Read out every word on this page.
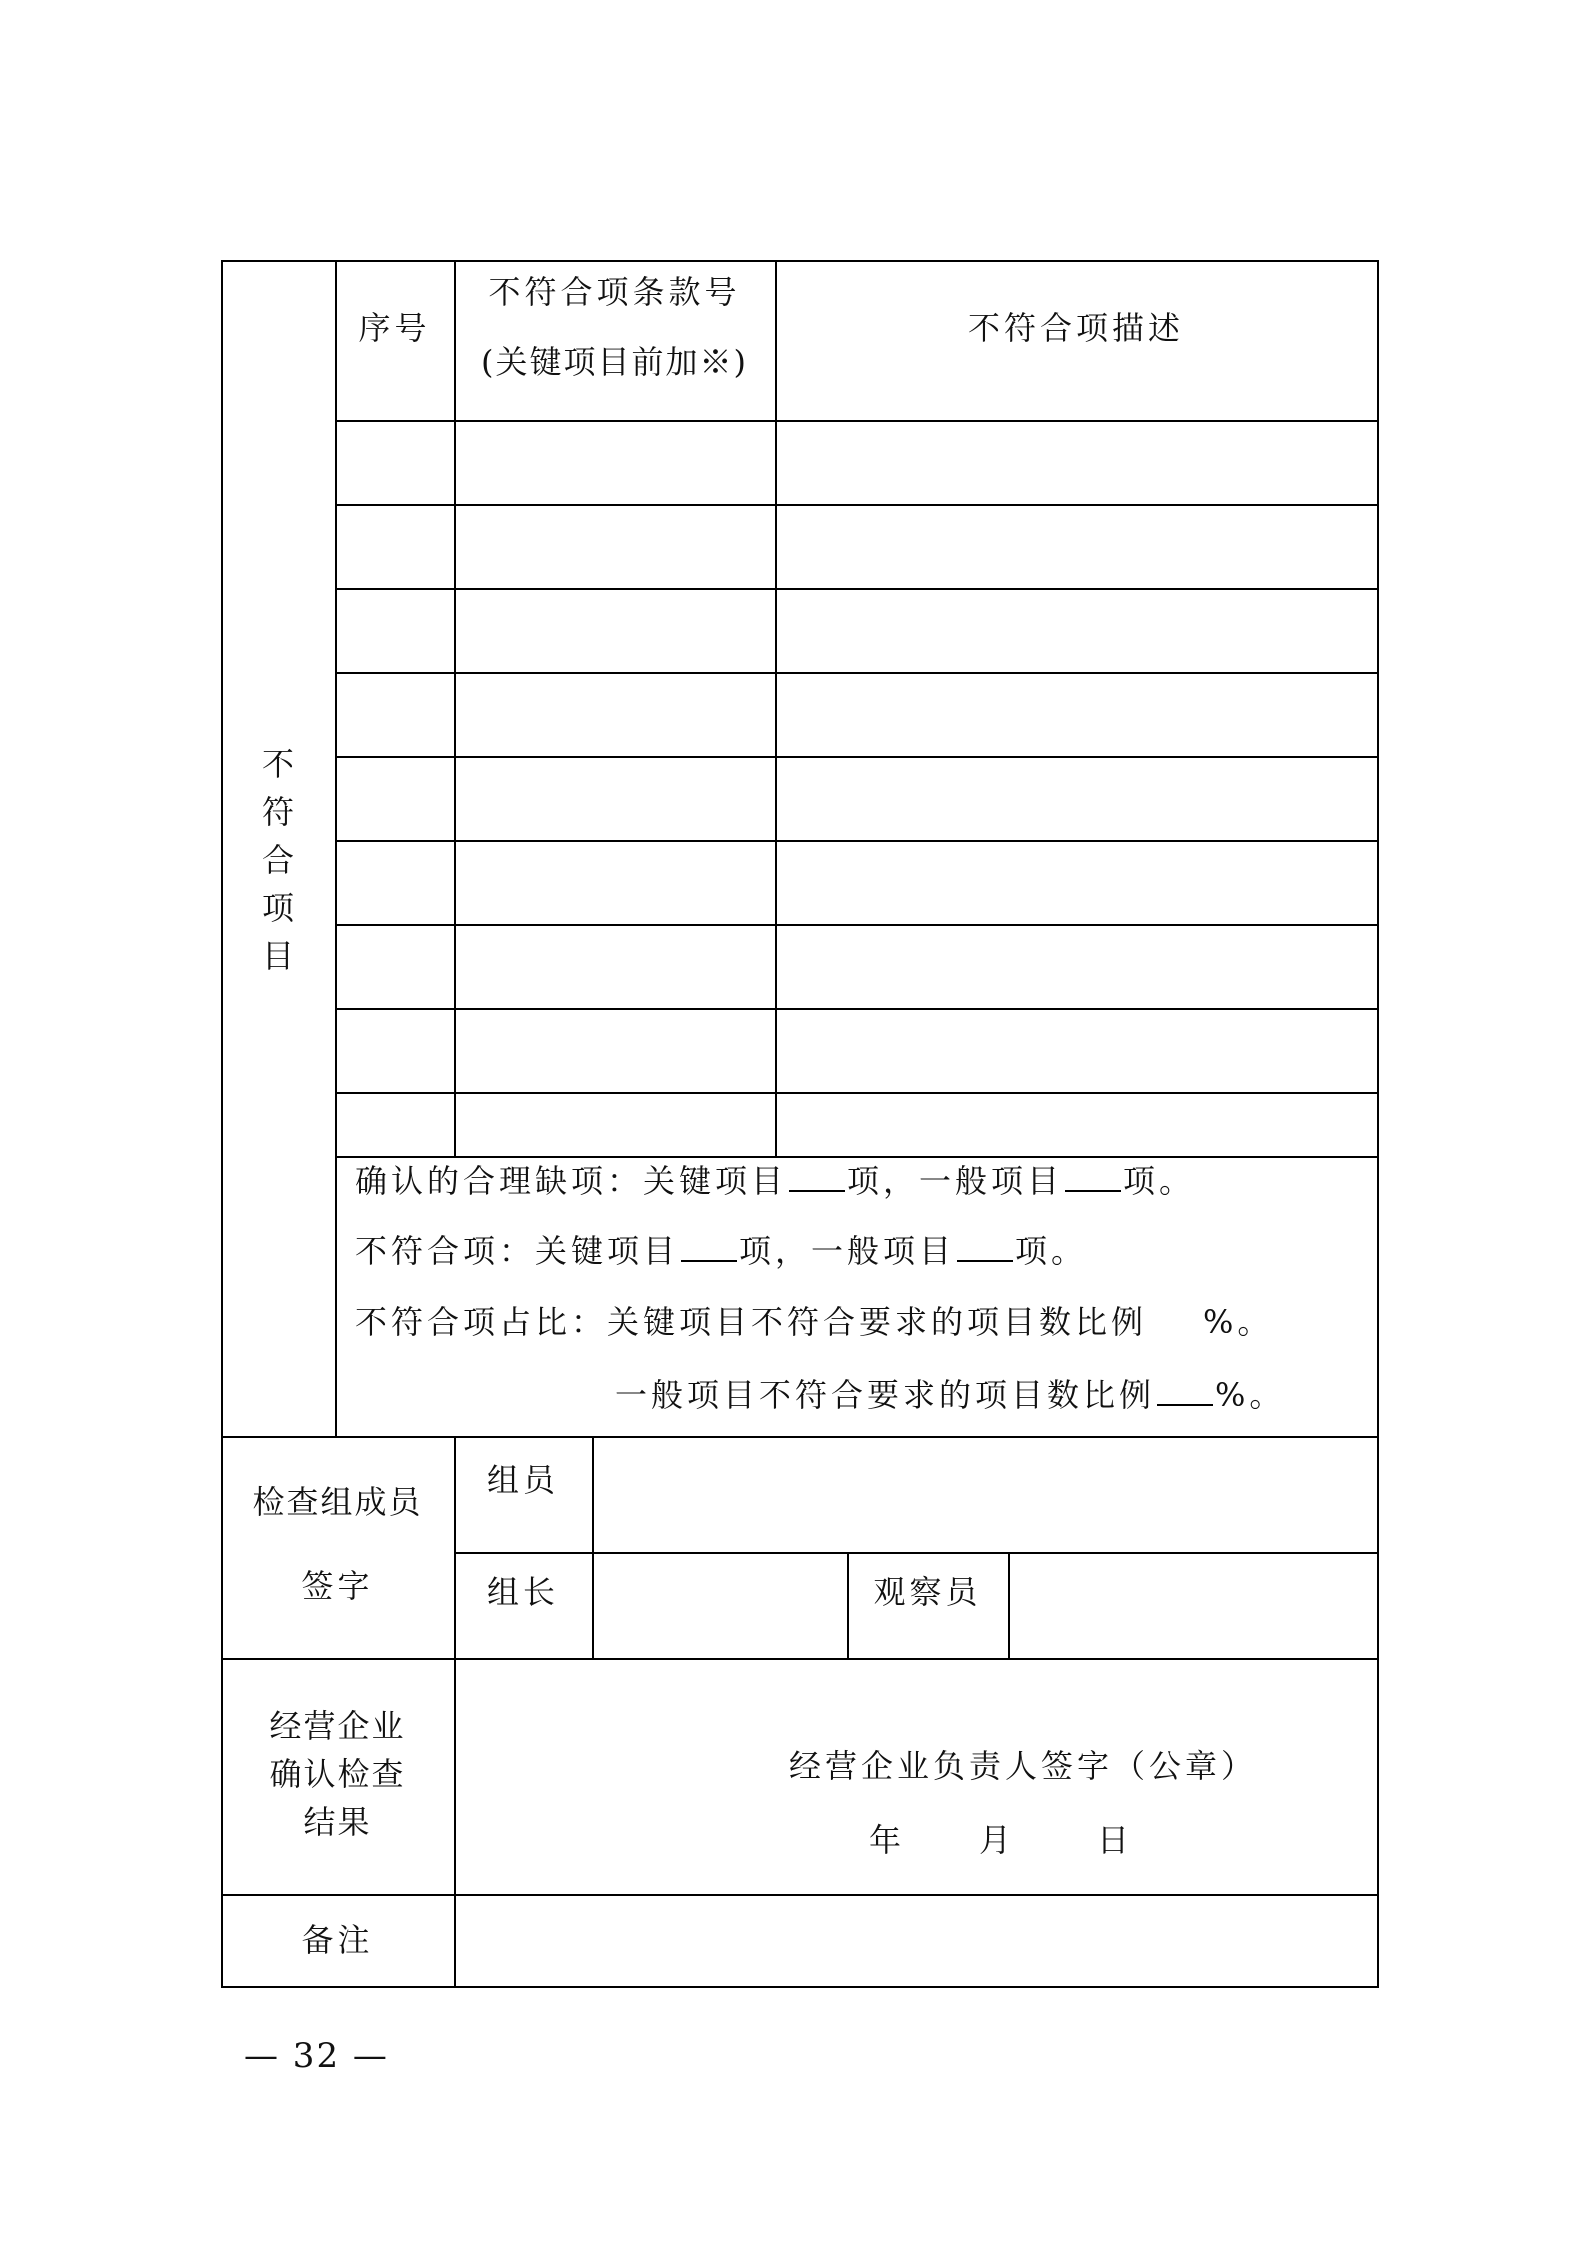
不
符
合
项
目
序号
不符合项条款号
(关键项目前加※)
不符合项描述
确认的合理缺项：关键项目 项，一般项目 项。
不符合项：关键项目 项，一般项目 项。
不符合项占比：关键项目不符合要求的项目数比例 %。
一般项目不符合要求的项目数比例 %。
检查组成员
签字
组员
组长	观察员
经营企业
确认检查
结果
经营企业负责人签字（公章）
年 月	日
备注
— 32 —
